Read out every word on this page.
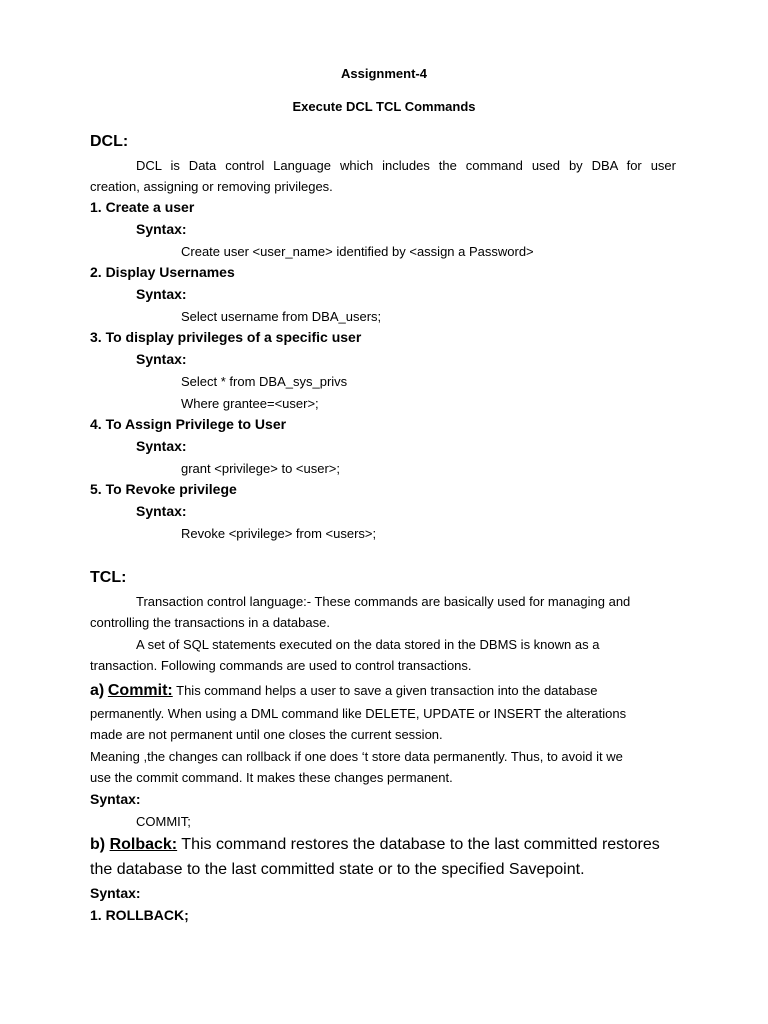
Assignment-4
Execute DCL TCL Commands
DCL:
DCL is Data control Language which includes the command used by DBA for user
creation, assigning or removing privileges.
1. Create a user
Syntax:
Create user <user_name> identified by <assign a Password>
2. Display Usernames
Syntax:
Select username from DBA_users;
3. To display privileges of a specific user
Syntax:
Select * from DBA_sys_privs
Where grantee=<user>;
4. To Assign Privilege to User
Syntax:
grant <privilege> to <user>;
5. To Revoke privilege
Syntax:
Revoke <privilege> from <users>;
TCL:
Transaction control language:- These commands are basically used for managing and
controlling the transactions in a database.
A set of SQL statements executed on the data stored in the DBMS is known as a
transaction. Following commands are used to control transactions.
a) Commit: This command helps a user to save a given transaction into the database
permanently. When using a DML command like DELETE, UPDATE or INSERT the alterations
made are not permanent until one closes the current session.
Meaning ,the changes can rollback if one does ‘t store data permanently. Thus, to avoid it we
use the commit command. It makes these changes permanent.
Syntax:
COMMIT;
b) Rolback: This command restores the database to the last committed restores
the database to the last committed state or to the specified Savepoint.
Syntax:
1. ROLLBACK;
